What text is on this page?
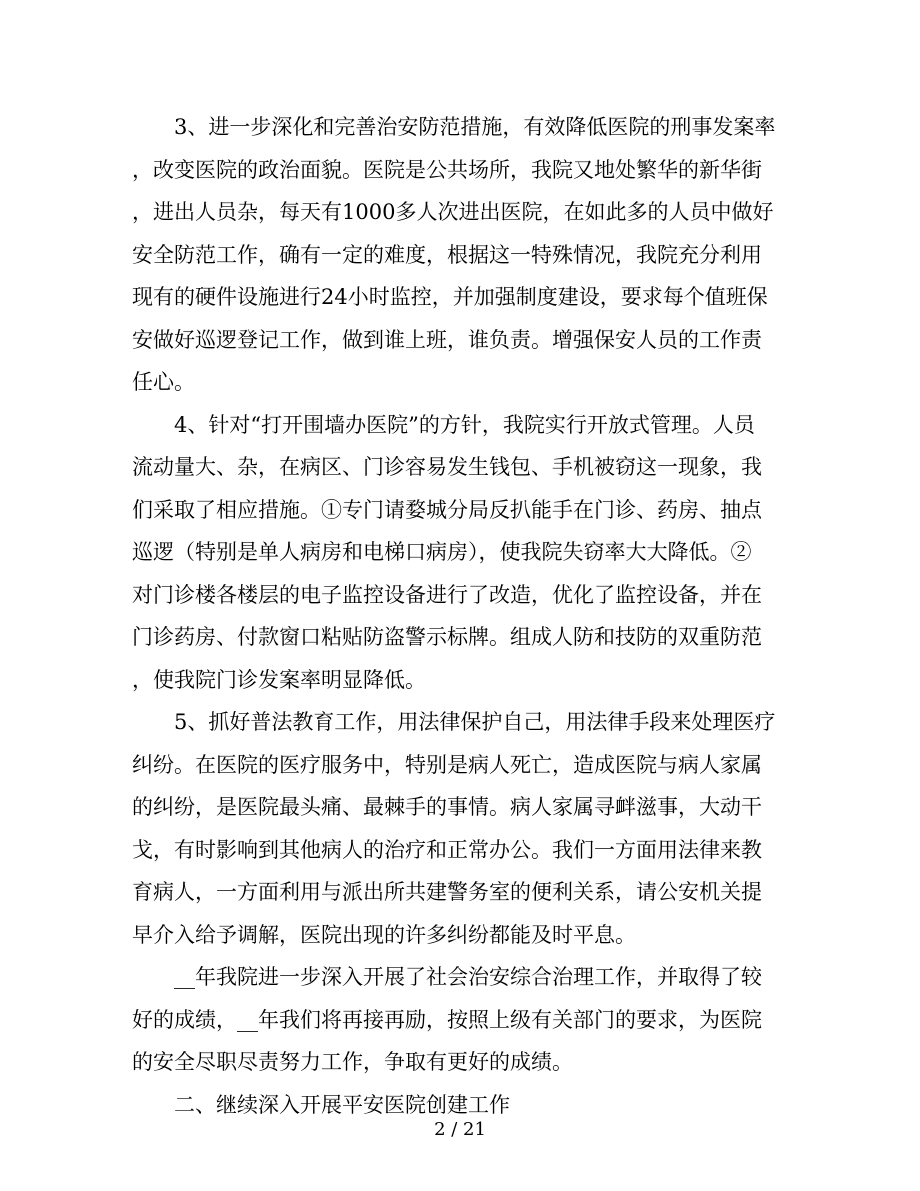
3、进一步深化和完善治安防范措施，有效降低医院的刑事发案率
，改变医院的政治面貌。医院是公共场所，我院又地处繁华的新华街
，进出人员杂，每天有1000多人次进出医院，在如此多的人员中做好
安全防范工作，确有一定的难度，根据这一特殊情况，我院充分利用
现有的硬件设施进行24小时监控，并加强制度建设，要求每个值班保
安做好巡逻登记工作，做到谁上班，谁负责。增强保安人员的工作责
任心。

4、针对“打开围墙办医院”的方针，我院实行开放式管理。人员
流动量大、杂，在病区、门诊容易发生钱包、手机被窃这一现象，我
们采取了相应措施。①专门请婺城分局反扒能手在门诊、药房、抽点
巡逻（特别是单人病房和电梯口病房），使我院失窃率大大降低。②
对门诊楼各楼层的电子监控设备进行了改造，优化了监控设备，并在
门诊药房、付款窗口粘贴防盗警示标牌。组成人防和技防的双重防范
，使我院门诊发案率明显降低。

5、抓好普法教育工作，用法律保护自己，用法律手段来处理医疗
纠纷。在医院的医疗服务中，特别是病人死亡，造成医院与病人家属
的纠纷，是医院最头痛、最棘手的事情。病人家属寻衅滋事，大动干
戈，有时影响到其他病人的治疗和正常办公。我们一方面用法律来教
育病人，一方面利用与派出所共建警务室的便利关系，请公安机关提
早介入给予调解，医院出现的许多纠纷都能及时平息。

__年我院进一步深入开展了社会治安综合治理工作，并取得了较
好的成绩，__年我们将再接再励，按照上级有关部门的要求，为医院
的安全尽职尽责努力工作，争取有更好的成绩。

二、继续深入开展平安医院创建工作

2 / 21
